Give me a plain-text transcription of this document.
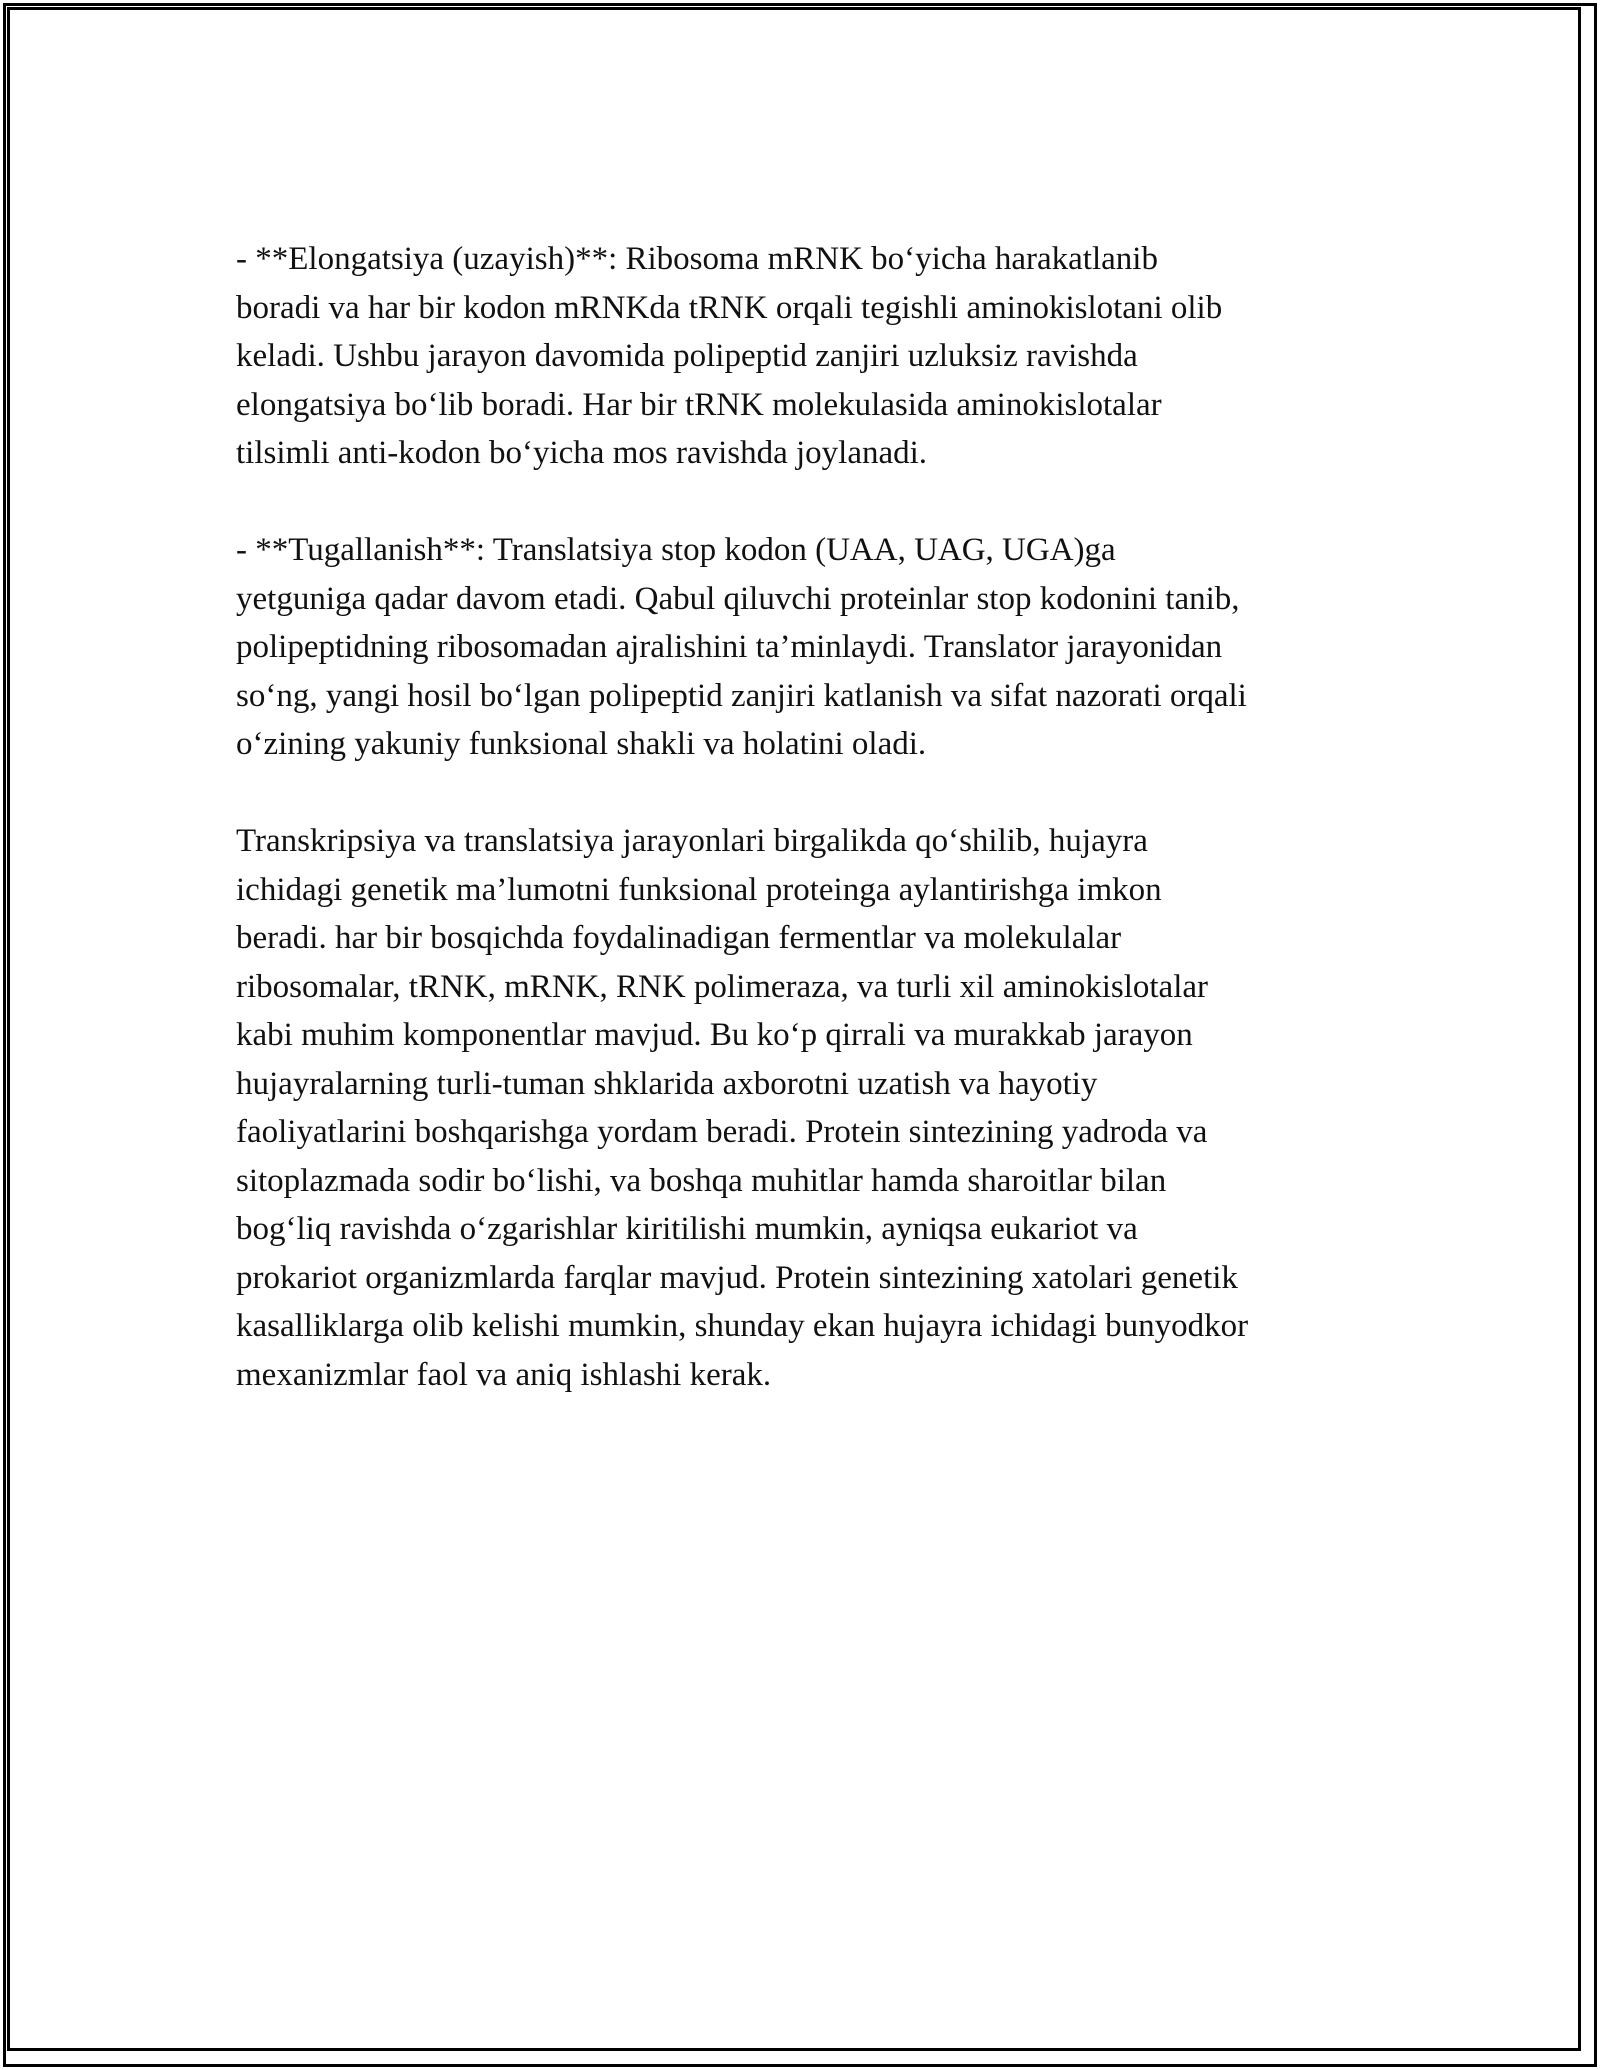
- **Elongatsiya (uzayish)**: Ribosoma mRNK bo‘yicha harakatlanib
boradi va har bir kodon mRNKda tRNK orqali tegishli aminokislotani olib
keladi. Ushbu jarayon davomida polipeptid zanjiri uzluksiz ravishda
elongatsiya bo‘lib boradi. Har bir tRNK molekulasida aminokislotalar
tilsimli anti-kodon bo‘yicha mos ravishda joylanadi.

- **Tugallanish**: Translatsiya stop kodon (UAA, UAG, UGA)ga
yetguniga qadar davom etadi. Qabul qiluvchi proteinlar stop kodonini tanib,
polipeptidning ribosomadan ajralishini ta’minlaydi. Translator jarayonidan
so‘ng, yangi hosil bo‘lgan polipeptid zanjiri katlanish va sifat nazorati orqali
o‘zining yakuniy funksional shakli va holatini oladi.

Transkripsiya va translatsiya jarayonlari birgalikda qo‘shilib, hujayra
ichidagi genetik ma’lumotni funksional proteinga aylantirishga imkon
beradi. har bir bosqichda foydalinadigan fermentlar va molekulalar
ribosomalar, tRNK, mRNK, RNK polimeraza, va turli xil aminokislotalar
kabi muhim komponentlar mavjud. Bu ko‘p qirrali va murakkab jarayon
hujayralarning turli-tuman shklarida axborotni uzatish va hayotiy
faoliyatlarini boshqarishga yordam beradi. Protein sintezining yadroda va
sitoplazmada sodir bo‘lishi, va boshqa muhitlar hamda sharoitlar bilan
bog‘liq ravishda o‘zgarishlar kiritilishi mumkin, ayniqsa eukariot va
prokariot organizmlarda farqlar mavjud. Protein sintezining xatolari genetik
kasalliklarga olib kelishi mumkin, shunday ekan hujayra ichidagi bunyodkor
mexanizmlar faol va aniq ishlashi kerak.
